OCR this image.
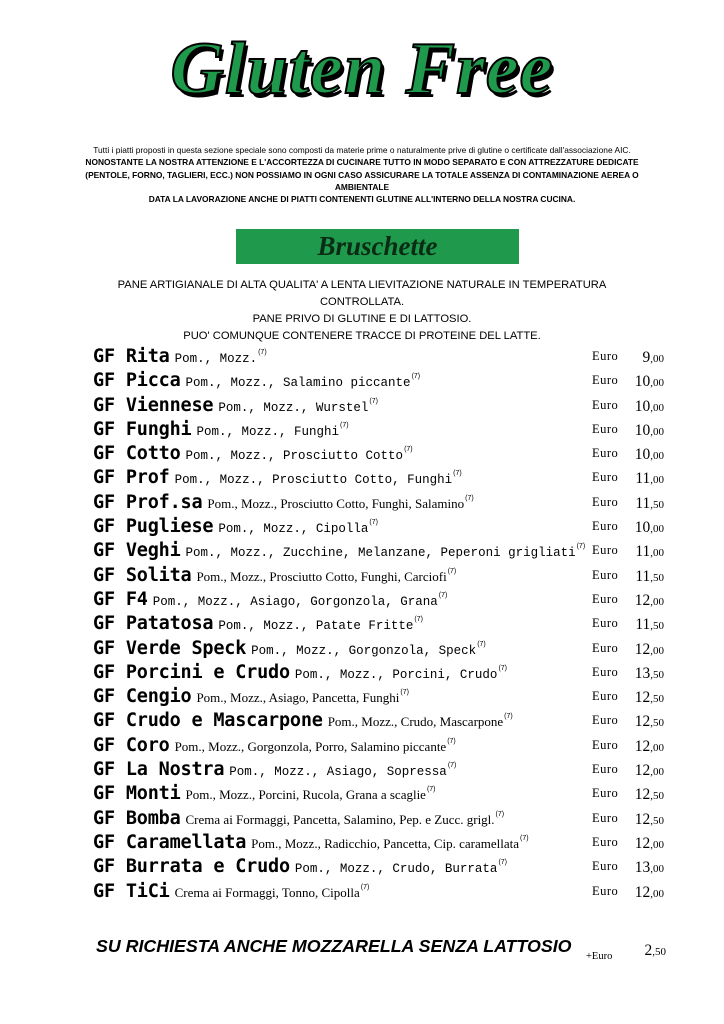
Gluten Free
Tutti i piatti proposti in questa sezione speciale sono composti da materie prime o naturalmente prive di glutine o certificate dall'associazione AIC.
NONOSTANTE LA NOSTRA ATTENZIONE E L'ACCORTEZZA DI CUCINARE TUTTO IN MODO SEPARATO E CON ATTREZZATURE DEDICATE
(PENTOLE, FORNO, TAGLIERI, ECC.) NON POSSIAMO IN OGNI CASO ASSICURARE LA TOTALE ASSENZA DI CONTAMINAZIONE AEREA O AMBIENTALE
DATA LA LAVORAZIONE ANCHE DI PIATTI CONTENENTI GLUTINE ALL'INTERNO DELLA NOSTRA CUCINA.
Bruschette
PANE ARTIGIANALE DI ALTA QUALITA' A LENTA LIEVITAZIONE NATURALE IN TEMPERATURA CONTROLLATA.
PANE PRIVO DI GLUTINE E DI LATTOSIO.
PUO' COMUNQUE CONTENERE TRACCE DI PROTEINE DEL LATTE.
GF Rita Pom., Mozz.$^{(7)}$	Euro 9,00
GF Picca Pom., Mozz., Salamino piccante$^{(7)}$	Euro 10,00
GF Viennese Pom., Mozz., Wurstel$^{(7)}$	Euro 10,00
GF Funghi Pom., Mozz., Funghi$^{(7)}$	Euro 10,00
GF Cotto Pom., Mozz., Prosciutto Cotto$^{(7)}$	Euro 10,00
GF Prof Pom., Mozz., Prosciutto Cotto, Funghi$^{(7)}$	Euro 11,00
GF Prof.sa Pom., Mozz., Prosciutto Cotto, Funghi, Salamino$^{(7)}$	Euro 11,50
GF Pugliese Pom., Mozz., Cipolla$^{(7)}$	Euro 10,00
GF Veghi Pom., Mozz., Zucchine, Melanzane, Peperoni grigliati$^{(7)}$ Euro 11,00
GF Solita Pom., Mozz., Prosciutto Cotto, Funghi, Carciofi$^{(7)}$	Euro 11,50
GF F4 Pom., Mozz., Asiago, Gorgonzola, Grana$^{(7)}$	Euro 12,00
GF Patatosa Pom., Mozz., Patate Fritte$^{(7)}$	Euro 11,50
GF Verde Speck Pom., Mozz., Gorgonzola, Speck$^{(7)}$	Euro 12,00
GF Porcini e Crudo Pom., Mozz., Porcini, Crudo$^{(7)}$	Euro 13,50
GF Cengio Pom., Mozz., Asiago, Pancetta, Funghi$^{(7)}$	Euro 12,50
GF Crudo e Mascarpone Pom., Mozz., Crudo, Mascarpone$^{(7)}$	Euro 12,50
GF Coro Pom., Mozz., Gorgonzola, Porro, Salamino piccante$^{(7)}$	Euro 12,00
GF La Nostra Pom., Mozz., Asiago, Sopressa$^{(7)}$	Euro 12,00
GF Monti Pom., Mozz., Porcini, Rucola, Grana a scaglie$^{(7)}$	Euro 12,50
GF Bomba Crema ai Formaggi, Pancetta, Salamino, Pep. e Zucc. grigl.$^{(7)}$	Euro 12,50
GF Caramellata Pom., Mozz., Radicchio, Pancetta, Cip. caramellata$^{(7)}$	Euro 12,00
GF Burrata e Crudo Pom., Mozz., Crudo, Burrata$^{(7)}$	Euro 13,00
GF TiCi Crema ai Formaggi, Tonno, Cipolla$^{(7)}$	Euro 12,00
SU RICHIESTA ANCHE MOZZARELLA SENZA LATTOSIO
+Euro 2,50
